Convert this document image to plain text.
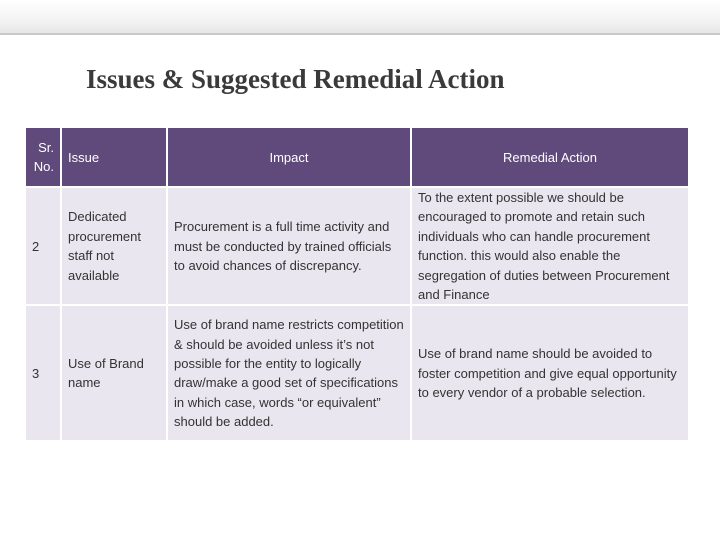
Issues & Suggested Remedial Action
Sr. No.	Issue	Impact	Remedial Action
2	Dedicated procurement staff not available	Procurement is a full time activity and must be conducted by trained officials to avoid chances of discrepancy.	To the extent possible we should be encouraged to promote and retain such individuals who can handle procurement function. this would also enable the segregation of duties between Procurement and Finance
3	Use of Brand name	Use of brand name restricts competition & should be avoided unless it’s not possible for the entity to logically draw/make a good set of specifications in which case, words “or equivalent” should be added.	Use of brand name should be avoided to foster competition and give equal opportunity to every vendor of a probable selection.
